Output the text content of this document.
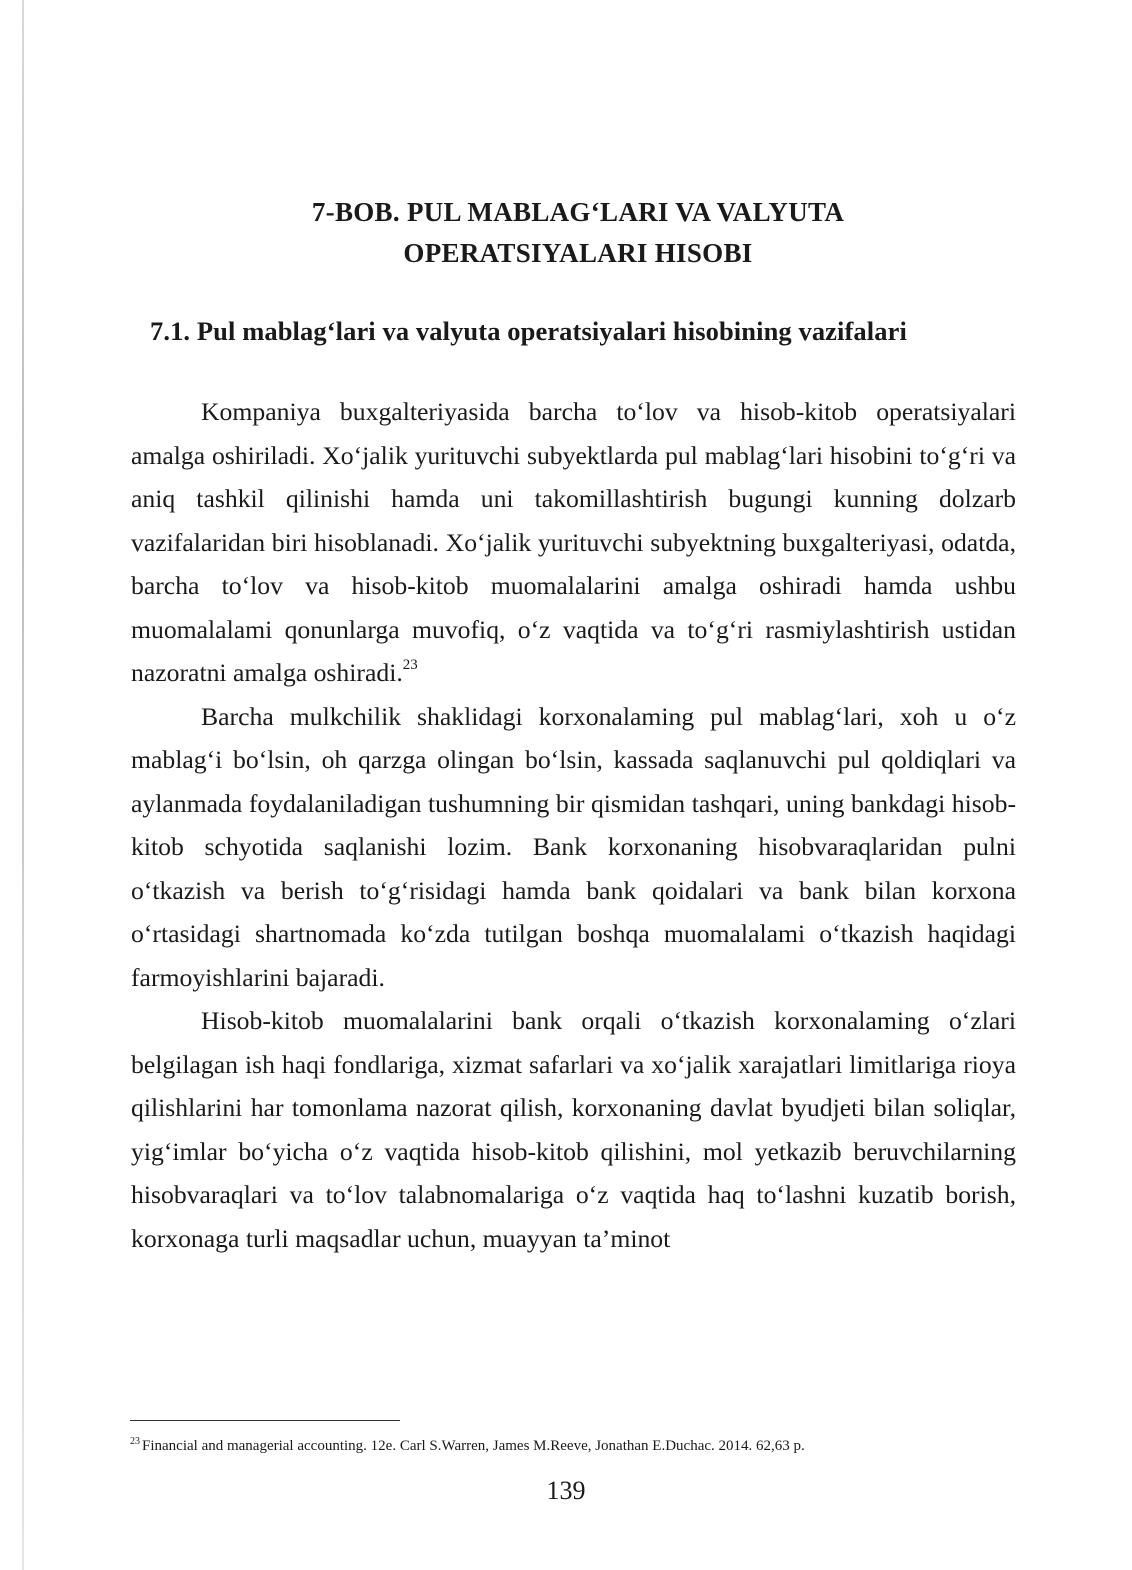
7-BOB. PUL MABLAG‘LARI VA VALYUTA
OPERATSIYALARI HISOBI
7.1. Pul mablag‘lari va valyuta operatsiyalari hisobining vazifalari

Kompaniya buxgalteriyasida barcha to‘lov va hisob-kitob operatsiyalari amalga oshiriladi. Xo‘jalik yurituvchi subyektlarda pul mablag‘lari hisobini to‘g‘ri va aniq tashkil qilinishi hamda uni takomillashtirish bugungi kunning dolzarb vazifalaridan biri hisoblanadi. Xo‘jalik yurituvchi subyektning buxgalteriyasi, odatda, barcha to‘lov va hisob-kitob muomalalarini amalga oshiradi hamda ushbu muomalalami qonunlarga muvofiq, o‘z vaqtida va to‘g‘ri rasmiylashtirish ustidan nazoratni amalga oshiradi.$^{23}$

Barcha mulkchilik shaklidagi korxonalaming pul mablag‘lari, xoh u o‘z mablag‘i bo‘lsin, oh qarzga olingan bo‘lsin, kassada saqlanuvchi pul qoldiqlari va aylanmada foydalaniladigan tushumning bir qismidan tashqari, uning bankdagi hisob-kitob schyotida saqlanishi lozim. Bank korxonaning hisobvaraqlaridan pulni o‘tkazish va berish to‘g‘risidagi hamda bank qoidalari va bank bilan korxona o‘rtasidagi shartnomada ko‘zda tutilgan boshqa muomalalami o‘tkazish haqidagi farmoyishlarini bajaradi.

Hisob-kitob muomalalarini bank orqali o‘tkazish korxonalaming o‘zlari belgilagan ish haqi fondlariga, xizmat safarlari va xo‘jalik xarajatlari limitlariga rioya qilishlarini har tomonlama nazorat qilish, korxonaning davlat byudjeti bilan soliqlar, yig‘imlar bo‘yicha o‘z vaqtida hisob-kitob qilishini, mol yetkazib beruvchilarning hisobvaraqlari va to‘lov talabnomalariga o‘z vaqtida haq to‘lashni kuzatib borish, korxonaga turli maqsadlar uchun, muayyan ta’minot

$^{23}$ Financial and managerial accounting. 12e. Carl S.Warren, James M.Reeve, Jonathan E.Duchac. 2014. 62,63 p.
139
